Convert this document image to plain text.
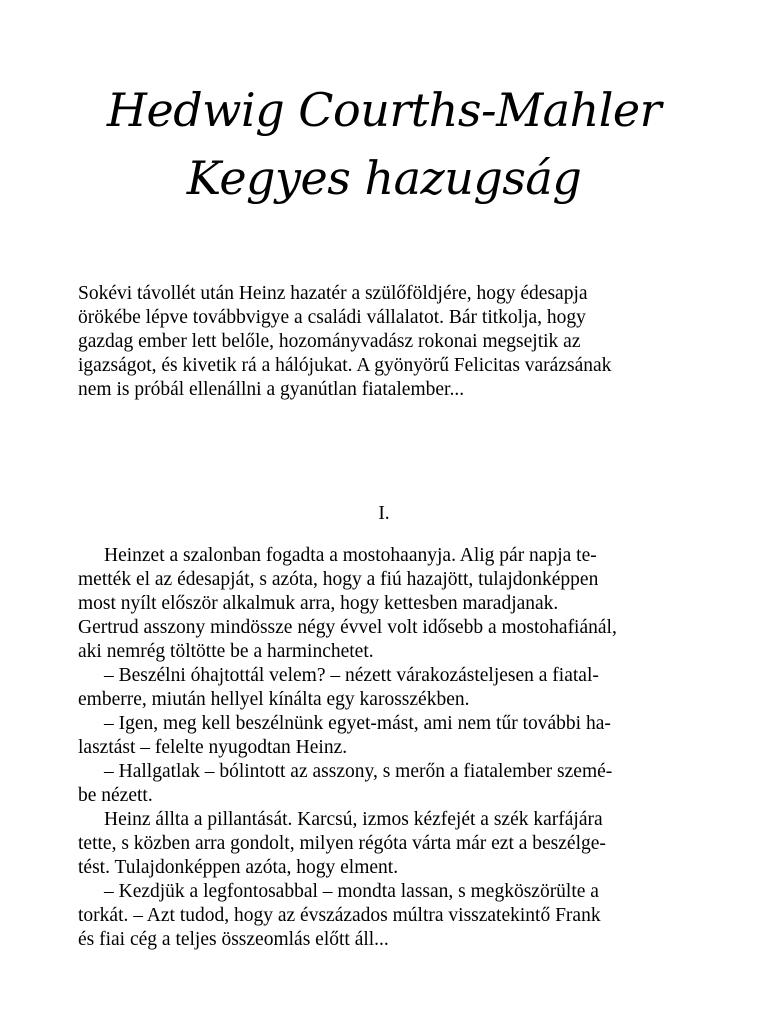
Hedwig Courths-Mahler
Kegyes hazugság
Sokévi távollét után Heinz hazatér a szülőföldjére, hogy édesapja
örökébe lépve továbbvigye a családi vállalatot. Bár titkolja, hogy
gazdag ember lett belőle, hozományvadász rokonai megsejtik az
igazságot, és kivetik rá a hálójukat. A gyönyörű Felicitas varázsának
nem is próbál ellenállni a gyanútlan fiatalember...
I.
Heinzet a szalonban fogadta a mostohaanyja. Alig pár napja te-
mették el az édesapját, s azóta, hogy a fiú hazajött, tulajdonképpen
most nyílt először alkalmuk arra, hogy kettesben maradjanak.
Gertrud asszony mindössze négy évvel volt idősebb a mostohafiánál,
aki nemrég töltötte be a harminchetet.
– Beszélni óhajtottál velem? – nézett várakozásteljesen a fiatal-
emberre, miután hellyel kínálta egy karosszékben.
– Igen, meg kell beszélnünk egyet-mást, ami nem tűr további ha-
lasztást – felelte nyugodtan Heinz.
– Hallgatlak – bólintott az asszony, s merőn a fiatalember szemé-
be nézett.
Heinz állta a pillantását. Karcsú, izmos kézfejét a szék karfájára
tette, s közben arra gondolt, milyen régóta várta már ezt a beszélge-
tést. Tulajdonképpen azóta, hogy elment.
– Kezdjük a legfontosabbal – mondta lassan, s megköszörülte a
torkát. – Azt tudod, hogy az évszázados múltra visszatekintő Frank
és fiai cég a teljes összeomlás előtt áll...
